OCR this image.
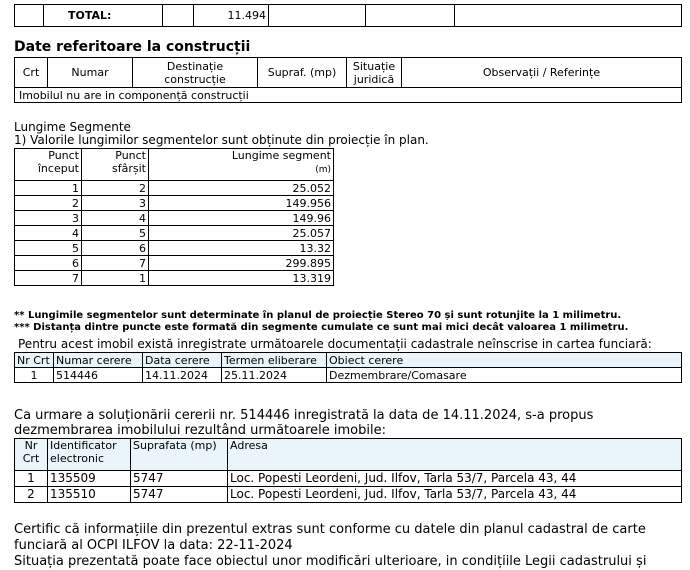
	TOTAL:		11.494			
Date referitoare la construcții
Crt	Numar	Destinație construcție	Supraf. (mp)	Situație juridică	Observații / Referințe
Imobilul nu are in componență construcții
Lungime Segmente
1) Valorile lungimilor segmentelor sunt obținute din proiecție în plan.
Punct început	Punct sfârșit	Lungime segment
(m)
1	2	25.052
2	3	149.956
3	4	149.96
4	5	25.057
5	6	13.32
6	7	299.895
7	1	13.319
** Lungimile segmentelor sunt determinate în planul de proiecție Stereo 70 și sunt rotunjite la 1 milimetru.
*** Distanța dintre puncte este formată din segmente cumulate ce sunt mai mici decât valoarea 1 milimetru.
Pentru acest imobil există inregistrate următoarele documentații cadastrale neînscrise in cartea funciară:
Nr Crt	Numar cerere	Data cerere	Termen eliberare	Obiect cerere
1	514446	14.11.2024	25.11.2024	Dezmembrare/Comasare
Ca urmare a soluționării cererii nr. 514446 inregistrată la data de 14.11.2024, s-a propus
dezmembrarea imobilului rezultând următoarele imobile:
Nr
Crt	Identificator
electronic	Suprafata (mp)	Adresa
1	135509	5747	Loc. Popesti Leordeni, Jud. Ilfov, Tarla 53/7, Parcela 43, 44
2	135510	5747	Loc. Popesti Leordeni, Jud. Ilfov, Tarla 53/7, Parcela 43, 44
Certific că informațiile din prezentul extras sunt conforme cu datele din planul cadastral de carte
funciară al OCPI ILFOV la data: 22-11-2024
Situația prezentată poate face obiectul unor modificări ulterioare, in condițiile Legii cadastrului și
